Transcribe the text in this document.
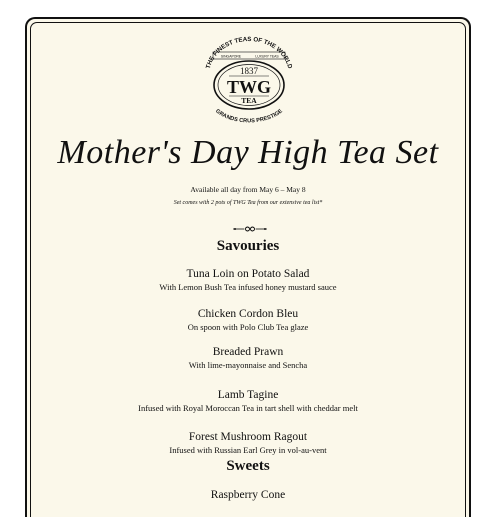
THE FINEST TEAS OF THE WORLD
SINGAPORE	LUXURY TEAS
1837
TWG
TEA
GRANDS CRUS PRESTIGE
Mother's Day High Tea Set
Available all day from May 6 – May 8
Set comes with 2 pots of TWG Tea from our extensive tea list*
Savouries
Tuna Loin on Potato Salad
With Lemon Bush Tea infused honey mustard sauce
Chicken Cordon Bleu
On spoon with Polo Club Tea glaze
Breaded Prawn
With lime-mayonnaise and Sencha
Lamb Tagine
Infused with Royal Moroccan Tea in tart shell with cheddar melt
Forest Mushroom Ragout
Infused with Russian Earl Grey in vol-au-vent
Sweets
Raspberry Cone
